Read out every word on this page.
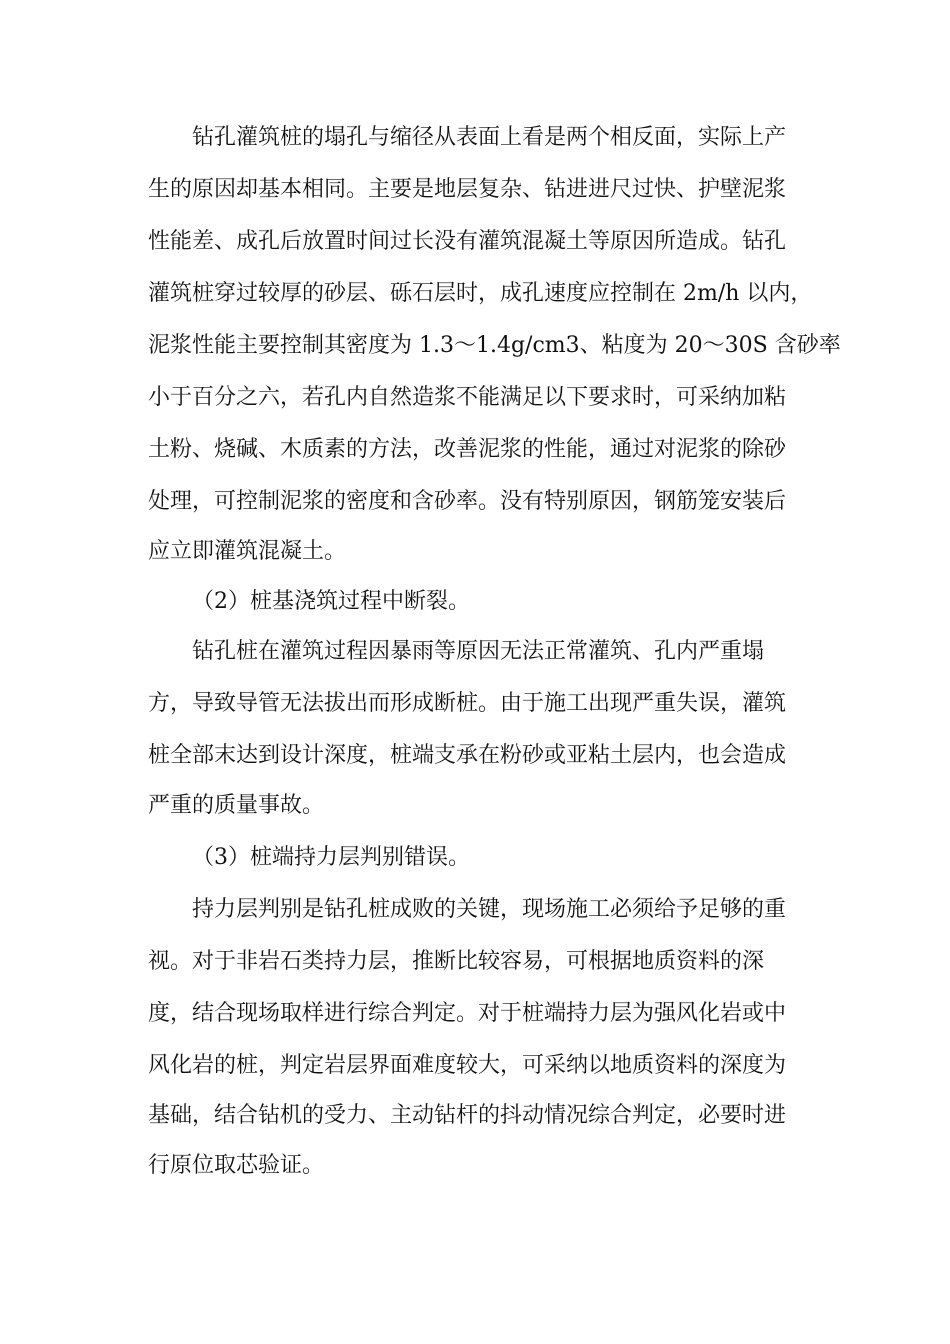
钻孔灌筑桩的塌孔与缩径从表面上看是两个相反面，实际上产
生的原因却基本相同。主要是地层复杂、钻进进尺过快、护壁泥浆
性能差、成孔后放置时间过长没有灌筑混凝土等原因所造成。钻孔
灌筑桩穿过较厚的砂层、砾石层时，成孔速度应控制在 2m/h 以内，
泥浆性能主要控制其密度为 1.3～1.4g/cm3、粘度为 20～30S 含砂率
小于百分之六，若孔内自然造浆不能满足以下要求时，可采纳加粘
土粉、烧碱、木质素的方法，改善泥浆的性能，通过对泥浆的除砂
处理，可控制泥浆的密度和含砂率。没有特别原因，钢筋笼安装后
应立即灌筑混凝土。
（2）桩基浇筑过程中断裂。
钻孔桩在灌筑过程因暴雨等原因无法正常灌筑、孔内严重塌
方，导致导管无法拔出而形成断桩。由于施工出现严重失误，灌筑
桩全部末达到设计深度，桩端支承在粉砂或亚粘土层内，也会造成
严重的质量事故。
（3）桩端持力层判别错误。
持力层判别是钻孔桩成败的关键，现场施工必须给予足够的重
视。对于非岩石类持力层，推断比较容易，可根据地质资料的深
度，结合现场取样进行综合判定。对于桩端持力层为强风化岩或中
风化岩的桩，判定岩层界面难度较大，可采纳以地质资料的深度为
基础，结合钻机的受力、主动钻杆的抖动情况综合判定，必要时进
行原位取芯验证。
